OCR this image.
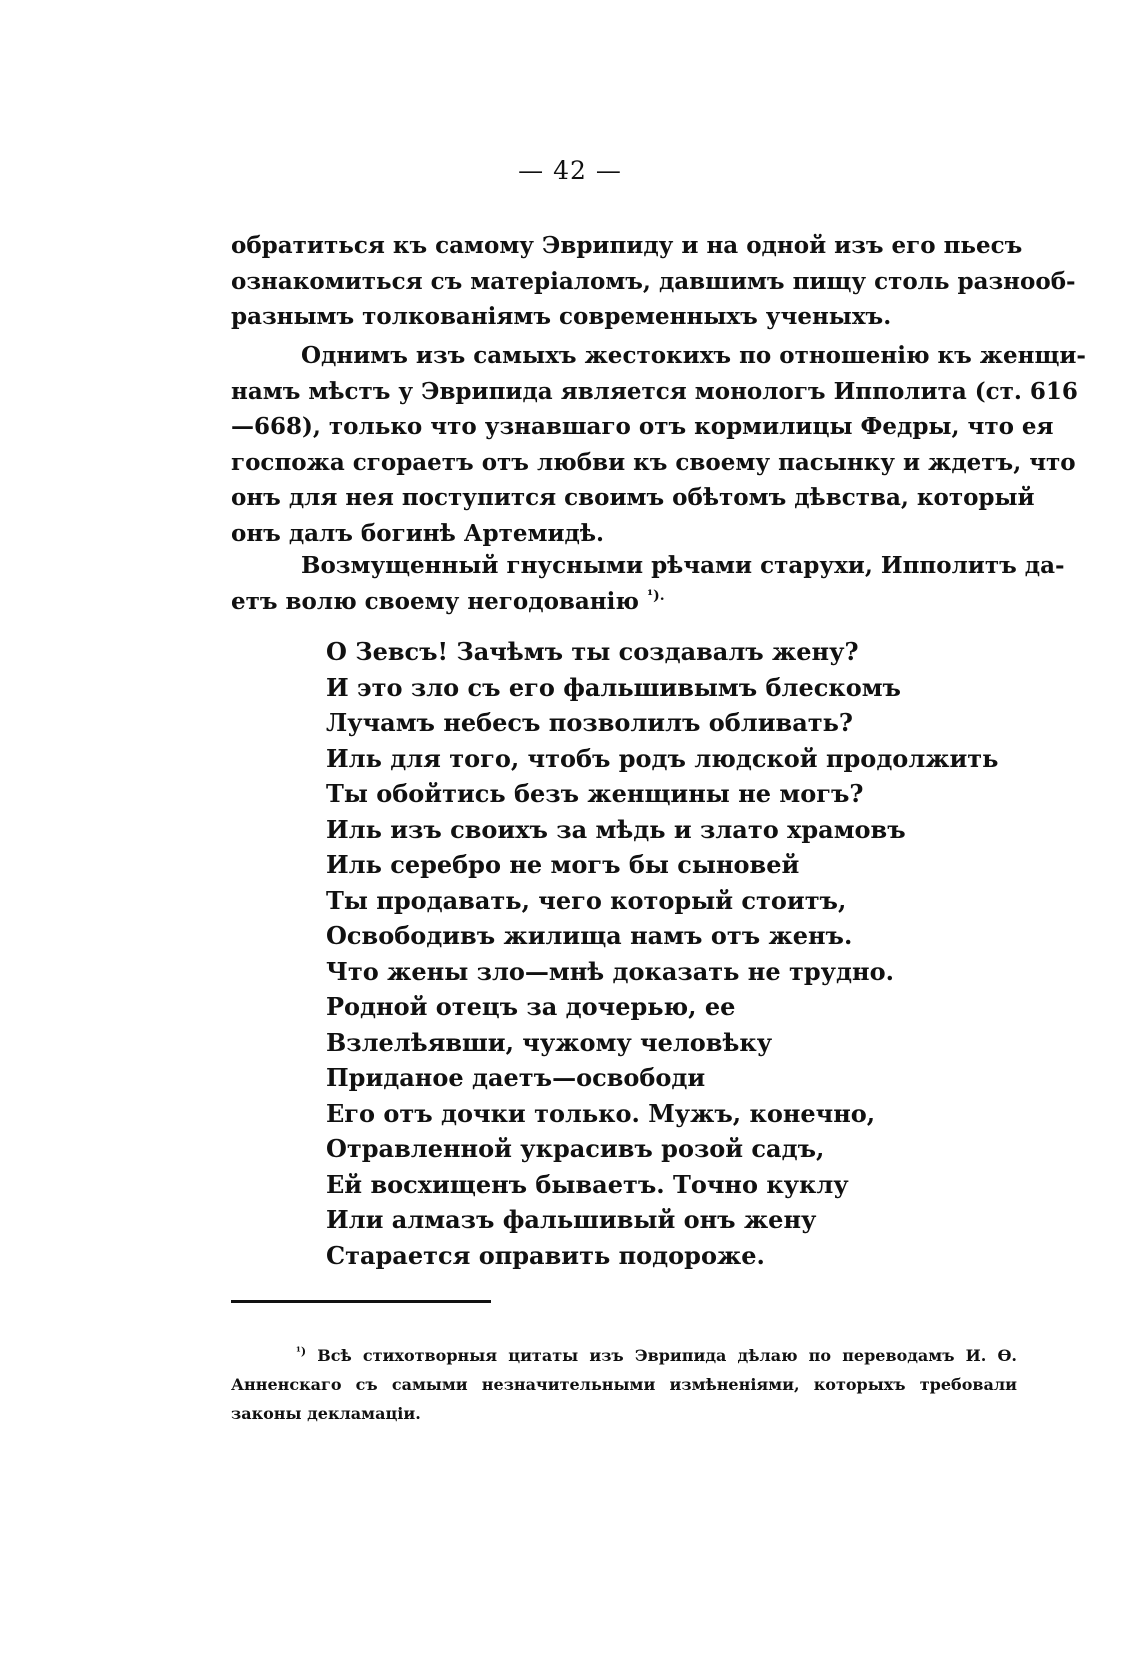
— 42 —

обратиться къ самому Эврипиду и на одной изъ его пьесъ
ознакомиться съ матеріаломъ, давшимъ пищу столь разнооб-
разнымъ толкованіямъ современныхъ ученыхъ.

Однимъ изъ самыхъ жестокихъ по отношенію къ женщи-
намъ мѣстъ у Эврипида является монологъ Ипполита (ст. 616
—668), только что узнавшаго отъ кормилицы Федры, что ея
госпожа сгораетъ отъ любви къ своему пасынку и ждетъ, что
онъ для нея поступится своимъ обѣтомъ дѣвства, который
онъ далъ богинѣ Артемидѣ.

Возмущенный гнусными рѣчами старухи, Ипполитъ да-
етъ волю своему негодованію $^{^1).}$

О Зевсъ! Зачѣмъ ты создавалъ жену?
И это зло съ его фальшивымъ блескомъ
Лучамъ небесъ позволилъ обливать?
Иль для того, чтобъ родъ людской продолжить
Ты обойтись безъ женщины не могъ?
Иль изъ своихъ за мѣдь и злато храмовъ
Иль серебро не могъ бы сыновей
Ты продавать, чего который стоитъ,
Освободивъ жилища намъ отъ женъ.
Что жены зло—мнѣ доказать не трудно.
Родной отецъ за дочерью, ее
Взлелѣявши, чужому человѣку
Приданое даетъ—освободи
Его отъ дочки только. Мужъ, конечно,
Отравленной украсивъ розой садъ,
Ей восхищенъ бываетъ. Точно куклу
Или алмазъ фальшивый онъ жену
Старается оправить подороже.
$^{^1)}$ Всѣ стихотворныя цитаты изъ Эврипида дѣлаю по переводамъ И. Ѳ.
Анненскаго съ самыми незначительными измѣненіями, которыхъ требовали
законы декламаціи.
